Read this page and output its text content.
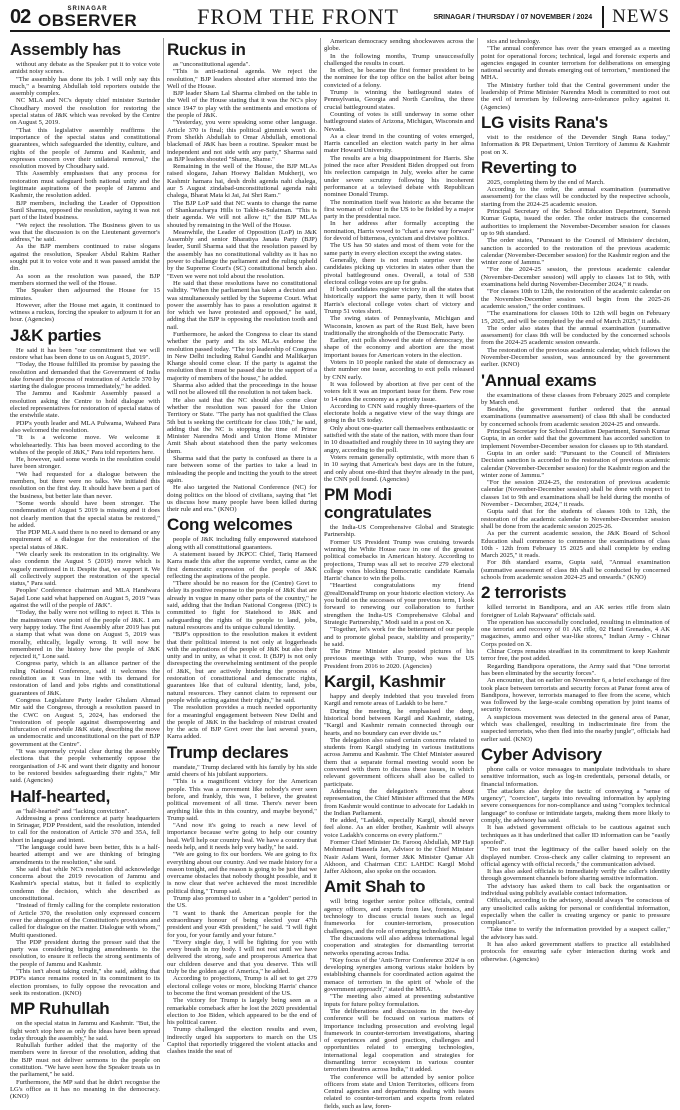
02	SRINAGAR
OBSERVER	FROM THE FRONT	SRINAGAR / THURSDAY / 07 NOVEMBER / 2024	NEWS
Assembly has

without any debate as the Speaker put it to voice vote amidst noisy scenes.

"The assembly has done its job. I will only say this much," a beaming Abdullah told reporters outside the assembly complex.

NC MLA and NC's deputy chief minister Surinder Choudhary moved the resolution for restoring the special status of J&K which was revoked by the Centre on August 5, 2019.

"That this legislative assembly reaffirms the importance of the special status and constitutional guarantees, which safeguarded the identity, culture, and rights of the people of Jammu and Kashmir, and expresses concern over their unilateral removal," the resolution moved by Choudhary said.

This Assembly emphasises that any process for restoration must safeguard both national unity and the legitimate aspirations of the people of Jammu and Kashmir, the resolution added.

BJP members, including the Leader of Opposition Sunil Sharma, opposed the resolution, saying it was not part of the listed business.

"We reject the resolution. The Business given to us was that the discussion is on the Lieutenant governor's address," he said.

As the BJP members continued to raise slogans against the resolution, Speaker Abdul Rahim Rather sought put it to voice vote and it was passed amidst the din.

As soon as the resolution was passed, the BJP members stormed the well of the House.

The Speaker then adjourned the House for 15 minutes.

However, after the House met again, it continued to witness a ruckus, forcing the speaker to adjourn it for an hour. (Agencies)

J&K parties

He said it has been "our commitment that we will restore what has been done to us on August 5, 2019".

"Today, the House fulfilled its promise by passing the resolution and demanded that the Government of India take forward the process of restoration of Article 370 by starting the dialogue process immediately," he added.

The Jammu and Kashmir Assembly passed a resolution asking the Centre to hold dialogue with elected representatives for restoration of special status of the erstwhile state.

PDP's youth leader and MLA Pulwama, Waheed Para also welcomed the resolution.

"It is a welcome move. We welcome it wholeheartedly. This has been moved according to the wishes of the people of J&K," Para told reporters here.

He, however, said some words in the resolution could have been stronger.

"We had requested for a dialogue between the members, but there were no talks. We initiated this resolution on the first day. It should have been a part of the business, but better late than never.

"Some words should have been stronger. The condemnation of August 5 2019 is missing and it does not clearly mention that the special status be restored," he added.

The PDP MLA said there is no need to demand or any requirement of a dialogue for the restoration of the special status of J&K.

"We clearly seek its restoration in its originality. We also condemn the August 5 (2019) move which is vaguely mentioned in it. Despite that, we support it. We all collectively support the restoration of the special status," Para said.

Peoples' Conference chairman and MLA Handwara Sajad Lone said what happened on August 5, 2019 "was against the will of the people of J&K".

"Today, the bally were not willing to reject it. This is the mainstream view point of the people of J&K. I am very happy today. The first Assembly after 2019 has put a stamp that what was done on August 5, 2019 was morally, ethically, legally wrong. It will now be remembered in the history how the people of J&K rejected it," Lone said.

Congress party, which is an alliance partner of the ruling National Conference, said it welcomes the resolution as it was in line with its demand for restoration of land and jobs rights and constitutional guarantees of J&K.

Congress Legislature Party leader Ghulam Ahmad Mir said the Congress, through a resolution passed in the CWC on August 5, 2024, has endorsed the "restoration of people against disempowering and bifurcation of erstwhile J&K state, describing the move as undemocratic and unconstitutional on the part of BJP government at the Centre".

"It was supremely crystal clear during the assembly elections that the people vehemently oppose the reorganisation of J-K and want their dignity and honour to be restored besides safeguarding their rights," Mir said. (Agencies)

Half-hearted,

as "half-hearted" and "lacking conviction".

Addressing a press conference at party headquarters in Srinagar, PDP President, said the resolution, intended to call for the restoration of Article 370 and 35A, fell short in language and intent.

"The language could have been better, this is a half-hearted attempt and we are thinking of bringing amendments to the resolution," she said.

She said that while NC's resolution did acknowledge concerns about the 2019 revocation of Jammu and Kashmir's special status, but it failed to explicitly condemn the decision, which she described as unconstitutional.

"Instead of firmly calling for the complete restoration of Article 370, the resolution only expressed concern over the abrogation of the Constitution's provisions and called for dialogue on the matter. Dialogue with whom," Mufti questioned.

The PDP president during the presser said that the party was considering bringing amendments to the resolution, to ensure it reflects the strong sentiments of the people of Jammu and Kashmir.

"This isn't about taking credit," she said, adding that PDP's stance remains rooted in its commitment to its election promises, to fully oppose the revocation and seek its restoration. (KNO)

MP Ruhullah

on the special status in Jammu and Kashmir. "But, the fight won't stop here as only the ideas have been spread today through the assembly," he said.

Ruhullah further added that the majority of the members were in favour of the resolution, adding that the BJP must not deliver sermons to the people on constitution. "We have seen how the Speaker treats us in the parliament," he said.

Furthermore, the MP said that he didn't recognise the LG's office as it has no meaning in the democracy. (KNO)

Ruckus in

as "unconstitutional agenda".

"This is anti-national agenda. We reject the resolution," BJP leaders shouted after stormed into the Well of the House.

BJP leader Sham Lal Sharma climbed on the table in the Well of the House stating that it was the NC's ploy since 1947 to play with the sentiments and emotions of the people of J&K.

"Yesterday, you were speaking some other language. Article 370 is final; this political gimmick won't do. From Sheikh Abdullah to Omar Abdullah, emotional blackmail of J&K has been a routine. Speaker must be independent and not side with any party," Sharma said as BJP leaders shouted "Shame, Shame."

Remaining in the well of the House, the BJP MLAs raised slogans, Jahan Hoewy Balidan Mukherji, wo Kashmir hamara hai, desh drohi agenda nahi chalega, aur 5 August zindabad-unconstitutional agenda nahi chalega, Bharat Mata ki Jai, Jai Shri Ram."

The BJP LoP said that NC wants to change the name of Shankaracharya Hills to Takht-e-Sulaiman. "This is their agenda. We will not allow it," the BJP MLAs shouted by remaining in the Well of the House.

Meanwhile, the Leader of Opposition (LoP) in J&K Assembly and senior Bharatiya Janata Party (BJP) leader, Sunil Sharma said that the resolution passed by the assembly has no constitutional validity as it has no power to challenge the parliament and the ruling upheld by the Supreme Court's (SC) constitutional bench also. "Even we were not told about the resolution.

He said that these resolutions have no constitutional validity. "When the parliament has taken a decision and was simultaneously settled by the Supreme Court. What power the assembly has to pass a resolution against it for which we have protested and opposed," he said, adding that the BJP is opposing the resolution tooth and nail.

Furthermore, he asked the Congress to clear its stand whether the party and its six MLAs endorse the resolution passed today. "The top leadership of Congress in New Delhi including Rahul Gandhi and Mallikarjun Kharge should come clear. If the party is against the resolution then it must be passed due to the support of a majority of members of the house," he added.

Sharma also added that the proceedings in the house will not be allowed till the resolution is not taken back.

He also said that the NC should also come clear whether the resolution was passed for the Union Territory or State. "The party has not qualified the Class 5th but is seeking the certificate for class 10th," he said, adding that the NC is stopping the time of Prime Minister Narendra Modi and Union Home Minister Amit Shah about statehood then the party welcomes them.

Sharma said that the party is confused as there is a rare between some of the parties to take a lead in misleading the people and inciting the youth to the street again.

He also targeted the National Conference (NC) for doing politics on the blood of civilians, saying that "let us discuss how many people have been killed during their rule and era." (KNO)

Cong welcomes

people of J&K including fully empowered statehood along with all constitutional guarantees.

A statement issued by JKPCC Chief, Tariq Hameed Karra made this after the supreme verdict, came as the first democratic expression of the people of J&K reflecting the aspirations of the people.

"There should be no reason for the (Centre) Govt to delay its positive response to the people of J&K that are already in vogue in many other parts of the country," he said, adding that the Indian National Congress (INC) is committed to fight for Statehood to J&K and safeguarding the rights of its people to land, jobs, natural resources and its unique cultural identity.

"BJP's opposition to the resolution makes it evident that their political interest is not only at loggerheads with the aspirations of the people of J&K but also their unity and in unity, as what it cost. It (BJP) is not only disrespecting the overwhelming sentiment of the people of J&K, but are actively hindering the process of restoration of constitutional and democratic rights, guarantees like that of cultural identity, land, jobs, natural resources. They cannot claim to represent our people while acting against their rights," he said.

The resolution provides a much needed opportunity for a meaningful engagement between New Delhi and the people of J&K in the backdrop of mistrust created by the acts of BJP Govt over the last several years, Karra added.

Trump declares

mandate," Trump declared with his family by his side amid cheers of his jubilant supporters.

"This is a magnificent victory for the American people. This was a movement like nobody's ever seen before, and frankly, this was, I believe, the greatest political movement of all time. There's never been anything like this in this country, and maybe beyond," Trump said.

"And now it's going to reach a new level of importance because we're going to help our country heal. We'll help our country heal. We have a country that needs help, and it needs help very badly," he said.

"We are going to fix our borders. We are going to fix everything about our country. And we made history for a reason tonight, and the reason is going to be just that we overcame obstacles that nobody thought possible, and it is now clear that we've achieved the most incredible political thing," Trump said.

Trump also promised to usher in a "golden" period in the US.

"I want to thank the American people for the extraordinary honour of being elected your 47th president and your 45th president," he said. "I will fight for you, for your family and your future."

"Every single day, I will be fighting for you with every breath in my body. I will not rest until we have delivered the strong, safe and prosperous America that our children deserve and that you deserve. This will truly be the golden age of America," he added.

According to projections, Trump is all set to get 279 electoral college votes or more, blocking Harris' chance to become the first woman president of the US.

The victory for Trump is largely being seen as a remarkable comeback after he lost the 2020 presidential election to Joe Biden, which appeared to be the end of his political career.

Trump challenged the election results and even, indirectly urged his supporters to march on the US Capitol that reportedly triggered the violent attacks and clashes inside the seat of

American democracy sending shockwaves across the globe.

In the following months, Trump unsuccessfully challenged the results in court.

In effect, he became the first former president to be the nominee for the top office on the ballot after being convicted of a felony.

Trump is winning the battleground states of Pennsylvania, Georgia and North Carolina, the three crucial battleground states.

Counting of votes is still underway in some other battleground states of Arizona, Michigan, Wisconsin and Nevada.

As a clear trend in the counting of votes emerged, Harris cancelled an election watch party in her alma mater Howard University.

The results are a big disappointment for Harris. She joined the race after President Biden dropped out from his reelection campaign in July, weeks after he came under severe scrutiny following his incoherent performance at a televised debate with Republican nominee Donald Trump.

The nomination itself was historic as she became the first woman of colour in the US to be fielded by a major party in the presidential race.

In her address after formally accepting the nomination, Harris vowed to "chart a new way forward" for devoid of bitterness, cynicism and divisive politics.

The US has 50 states and most of them vote for the same party in every election except the swing states.

Generally, there is not much surprise over the candidates picking up victories in states other than the pivotal battleground ones. Overall, a total of 538 electoral college votes are up for grabs.

If both candidates register victory in all the states that historically support the same party, then it will boost Harris's electoral college votes chart of victory and Trump 51 votes short.

The swing states of Pennsylvania, Michigan and Wisconsin, known as part of the Rust Belt, have been traditionally the strongholds of the Democratic Party.

Earlier, exit polls showed the state of democracy, the shape of the economy and abortion are the most important issues for American voters in the election.

Voters in 10 people ranked the state of democracy as their number one issue, according to exit polls released by CNN early.

It was followed by abortion at five per cent of the voters felt it was an important issue for them. Few rose to 14 rates the economy as a priority issue.

According to CNN said roughly three-quarters of the electorate holds a negative view of the way things are going in the US today.

Only about one-quarter call themselves enthusiastic or satisfied with the state of the nation, with more than four in 10 dissatisfied and roughly three in 10 saying they are angry, according to the poll.

Voters remain generally optimistic, with more than 6 in 10 saying that America's best days are in the future, and only about one-third that they're already in the past, the CNN poll found. (Agencies)

PM Modi congratulates

the India-US Comprehensive Global and Strategic Partnership.

Former US President Trump was cruising towards winning the White House race in one of the greatest political comebacks in American history. According to projections, Trump was all set to receive 279 electoral college votes blocking Democratic candidate Kamala Harris' chance to win the polls.

"Heartiest congratulations my friend @realDonaldTrump on your historic election victory. As you build on the successes of your previous term, I look forward to renewing our collaboration to further strengthen the India-US Comprehensive Global and Strategic Partnership," Modi said in a post on X.

"Together, let's work for the betterment of our people and to promote global peace, stability and prosperity," he said.

The Prime Minister also posted pictures of his previous meetings with Trump, who was the US President from 2016 to 2020. (Agencies)

Kargil, Kashmir

happy and deeply indebted that you traveled from Kargil and remote areas of Ladakh to be here."

During the meeting, he emphasised the deep, historical bond between Kargil and Kashmir, stating, "Kargil and Kashmir remain connected through our hearts, and no boundary can ever divide us."

The delegation also raised certain concerns related to students from Kargil studying in various institutions across Jammu and Kashmir. The Chief Minister assured them that a separate formal meeting would soon be convened with them to discuss these issues, in which relevant government officers shall also be called to participate.

Addressing the delegation's concerns about representation, the Chief Minister affirmed that the MPs from Kashmir would continue to advocate for Ladakh in the Indian Parliament.

He added, "Ladakh, especially Kargil, should never feel alone. As an elder brother, Kashmir will always voice Ladakh's concerns on every platform."

Former Chief Minister Dr. Farooq Abdullah, MP Haji Mohmmad Haneefa Jan, Advisor to the Chief Minister Nasir Aslam Wani, former J&K Minister Qamar Ali Akhoon, and Chairman CEC LAHDC Kargil Mohd Jaffer Akhoon, also spoke on the occasion.

Amit Shah to

will bring together senior police officials, central agency officers, and experts from law, forensics, and technology to discuss crucial issues such as legal frameworks for counter-terrorism, prosecution challenges, and the role of emerging technologies.

The discussions will also address international legal cooperation and strategies for dismantling terrorist networks operating across India.

"Key focus of the 'Anti-Terror Conference 2024' is on developing synergies among various stake holders by establishing channels for coordinated action against the menace of terrorism in the spirit of 'whole of the government approach'," stated the MHA.

"The meeting also aimed at presenting substantive inputs for future policy formulation.

The deliberations and discussions in the two-day conference will be focused on various matters of importance including prosecution and evolving legal framework in counter-terrorism investigations, sharing of experiences and good practices, challenges and opportunities related to emerging technologies, international legal cooperation and strategies for dismantling terror ecosystem in various counter terrorism theatres across India," it added.

The conference will be attended by senior police officers from state and Union Territories, officers from Central agencies and departments dealing with issues related to counter-terrorism and experts from related fields, such as law, foren-

sics and technology.

"The annual conference has over the years emerged as a meeting point for operational forces; technical, legal and forensic experts and agencies engaged in counter terrorism for deliberations on emerging national security and threats emerging out of terrorism," mentioned the MHA.

The Ministry further told that the Central government under the leadership of Prime Minister Narendra Modi is committed to root out the evil of terrorism by following zero-tolerance policy against it. (Agencies)

LG visits Rana's

visit to the residence of the Devender Singh Rana today," Information & PR Department, Union Territory of Jammu & Kashmir post on X.

Reverting to

2025, completing them by the end of March.

According to the order, the annual examination (summative assessment) for the class will be conducted by the respective schools, starting from the 2024-25 academic session.

Principal Secretary of the School Education Department, Suresh Kumar Gupta, issued the order. The order instructs the concerned authorities to implement the November-December session for classes up to 9th standard.

The order states, "Pursuant to the Council of Ministers' decision, sanction is accorded to the restoration of the previous academic calendar (November-December session) for the Kashmir region and the winter zone of Jammu."

"For the 2024-25 session, the previous academic calendar (November-December session) will apply to classes 1st to 9th, with examinations held during November-December 2024," it reads.

"For classes 10th to 12th, the restoration of the academic calendar on the November-December session will begin from the 2025-26 academic session," the order continues.

"The examinations for classes 10th to 12th will begin on February 15, 2025, and will be completed by the end of March 2025," it adds.

The order also states that the annual examination (summative assessment) for class 8th will be conducted by the concerned schools from the 2024-25 academic session onwards.

The restoration of the previous academic calendar, which follows the November-December session, was announced by the government earlier. (KNO)

'Annual exams

the examinations of these classes from February 2025 and complete by March end.

Besides, the government further ordered that the annual examinations (summative assessment) of class 8th shall be conducted by concerned schools from academic session 2024-25 and onwards.

Principal Secretary for School Education Department, Suresh Kumar Gupta, in an order said that the government has accorded sanction to implement November-December session for classes up to 9th standard.

Gupta in an order said: "Pursuant to the Council of Ministers Decision sanction is accorded to the restoration of previous academic calendar (November-December session) for the Kashmir region and the winter zone of Jammu."

"For the session 2024-25, the restoration of previous academic calendar (November-December session) shall be done with respect to classes 1st to 9th and examinations shall be held during the months of November - December, 2024," it reads.

Gupta said that for the students of classes 10th to 12th, the restoration of the academic calendar to November-December session shall be done from the academic session 2025-26.

As per the current academic session, the J&K Board of School Education shall commence to commence the examinations of class 10th - 12th from February 15 2025 and shall complete by ending March 2025," it reads.

For 8th standard exams, Gupta said, "Annual examination (summative assessment of class 8th shall be conducted by concerned schools from academic session 2024-25 and onwards." (KNO)

2 terrorists

killed terrorist in Bandipora, and an AK series rifle from slain foreigner of Lolab Rajwaara" officials said.

The operation has successfully concluded, resulting in elimination of one terrorist and recovery of 01 AK rifle, 02 Hand Grenades, 4 AK magazines, ammo and other war-like stores," Indian Army - Chinar Corps posted on X.

Chinar Corps remains steadfast in its commitment to keep Kashmir terror free, the post added.

Regarding Bandipora operations, the Army said that "One terrorist has been eliminated by the security forces".

An encounter, that on earlier on November 6, a brief exchange of fire took place between terrorists and security forces at Panar forest area of Bandipora, however, terrorists managed to flee from the scene, which was followed by the large-scale combing operation by joint teams of security forces.

A suspicious movement was detected in the general area of Panar, which was challenged, resulting in indiscriminate fire from the suspected terrorists, who then fled into the nearby jungle", officials had earlier said. (KNO)

Cyber Advisory

phone calls or voice messages to manipulate individuals to share sensitive information, such as log-in credentials, personal details, or financial information.

The attackers also deploy the tactic of conveying a "sense of urgency", "coercion", targets into revealing information by applying severe consequences for non-compliance and using "complex technical language" to confuse or intimidate targets, making them more likely to comply, the advisory has said.

It has advised government officials to be cautious against such techniques as it has underlined that caller ID information can be "easily spoofed".

"Do not trust the legitimacy of the caller based solely on the displayed number. Cross-check any caller claiming to represent an official agency with official records," the communication advised.

It has also asked officials to immediately verify the caller's identity through government channels before sharing sensitive information.

The advisory has asked them to call back the organisation or individual using publicly available contact information.

Officials, according to the advisory, should always "be conscious of any unsolicited calls asking for personal or confidential information, especially when the caller is creating urgency or panic to pressure compliance".

"Take time to verify the information provided by a suspect caller," the advisory has said.

It has also asked government staffers to practice all established protocols for ensuring safe cyber interaction during work and otherwise. (Agencies)
